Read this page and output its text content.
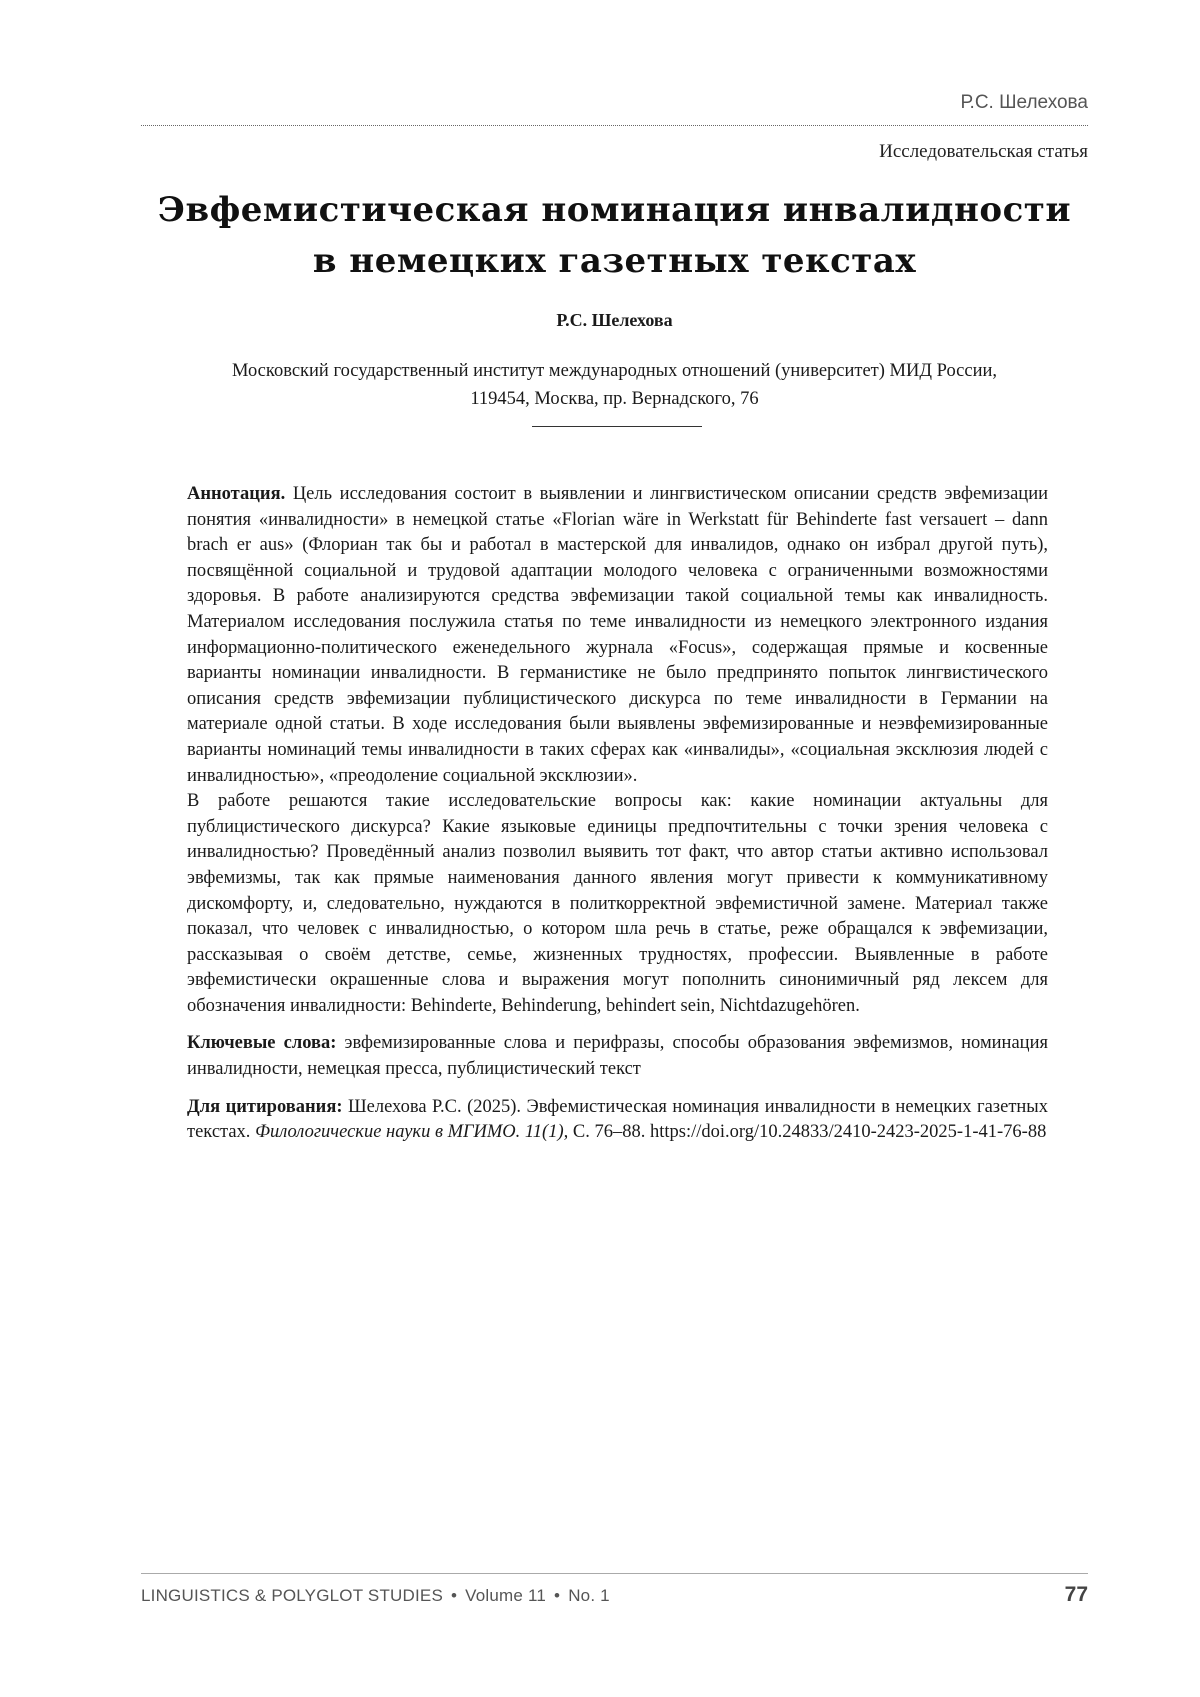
Р.С. Шелехова
Исследовательская статья
Эвфемистическая номинация инвалидности
в немецких газетных текстах
Р.С. Шелехова
Московский государственный институт международных отношений (университет) МИД России,
119454, Москва, пр. Вернадского, 76

Аннотация. Цель исследования состоит в выявлении и лингвистическом описании средств эвфемизации понятия «инвалидности» в немецкой статье «Florian wäre in Werkstatt für Behinderte fast versauert – dann brach er aus» (Флориан так бы и работал в мастерской для инвалидов, однако он избрал другой путь), посвящённой социальной и трудовой адаптации молодого человека с ограниченными возможностями здоровья. В работе анализируются средства эвфемизации такой социальной темы как инвалидность. Материалом исследования послужила статья по теме инвалидности из немецкого электронного издания информационно-политического еженедельного журнала «Focus», содержащая прямые и косвенные варианты номинации инвалидности. В германистике не было предпринято попыток лингвистического описания средств эвфемизации публицистического дискурса по теме инвалидности в Германии на материале одной статьи. В ходе исследования были выявлены эвфемизированные и неэвфемизированные варианты номинаций темы инвалидности в таких сферах как «инвалиды», «социальная эксклюзия людей с инвалидностью», «преодоление социальной эксклюзии».

В работе решаются такие исследовательские вопросы как: какие номинации актуальны для публицистического дискурса? Какие языковые единицы предпочтительны с точки зрения человека с инвалидностью? Проведённый анализ позволил выявить тот факт, что автор статьи активно использовал эвфемизмы, так как прямые наименования данного явления могут привести к коммуникативному дискомфорту, и, следовательно, нуждаются в политкорректной эвфемистичной замене. Материал также показал, что человек с инвалидностью, о котором шла речь в статье, реже обращался к эвфемизации, рассказывая о своём детстве, семье, жизненных трудностях, профессии. Выявленные в работе эвфемистически окрашенные слова и выражения могут пополнить синонимичный ряд лексем для обозначения инвалидности: Behinderte, Behinderung, behindert sein, Nichtdazugehören.

Ключевые слова: эвфемизированные слова и перифразы, способы образования эвфемизмов, номинация инвалидности, немецкая пресса, публицистический текст

Для цитирования: Шелехова Р.С. (2025). Эвфемистическая номинация инвалидности в немецких газетных текстах. Филологические науки в МГИМО. 11(1), С. 76–88. https://doi.org/10.24833/2410-2423-2025-1-41-76-88

LINGUISTICS & POLYGLOT STUDIES • Volume 11 • No. 1	77
